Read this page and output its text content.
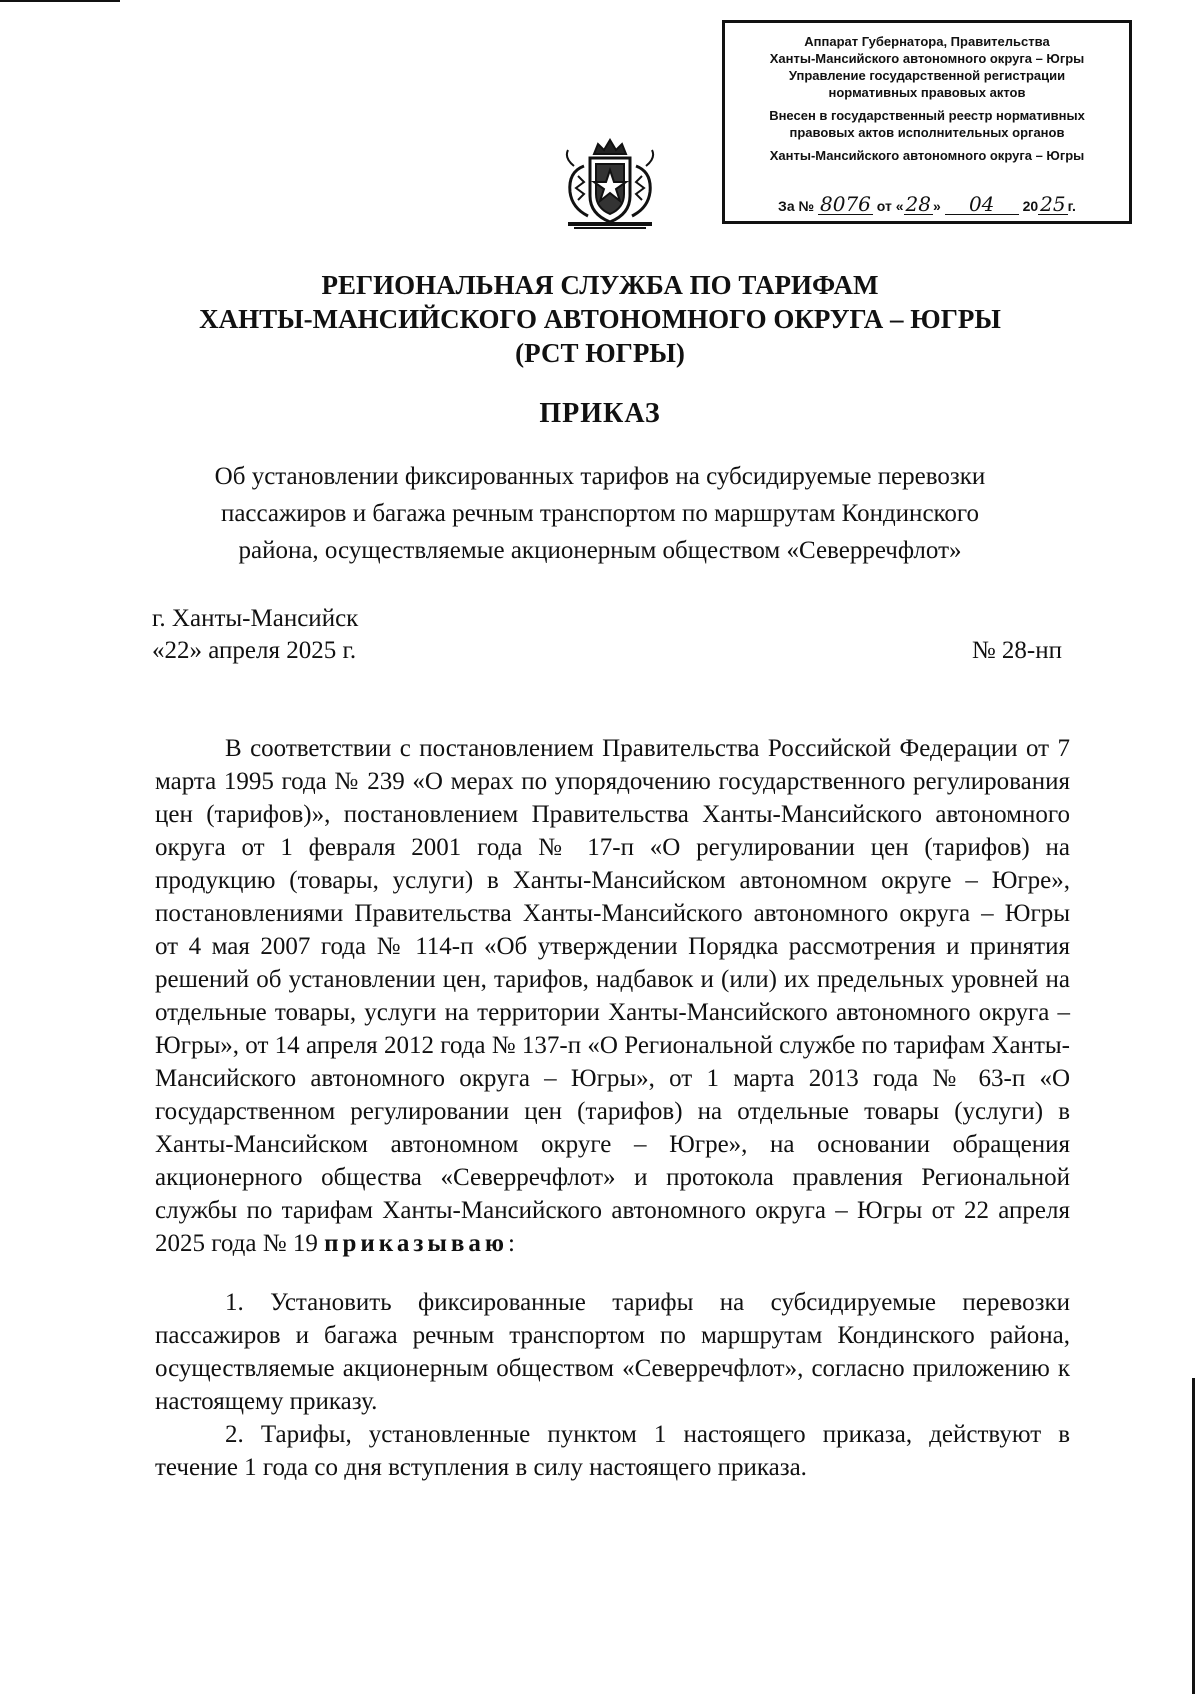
Аппарат Губернатора, Правительства
Ханты-Мансийского автономного округа – Югры
Управление государственной регистрации
нормативных правовых актов
Внесен в государственный реестр нормативных
правовых актов исполнительных органов
Ханты-Мансийского автономного округа – Югры
За № 8076 от « 28 » 04 20 25 г.
РЕГИОНАЛЬНАЯ СЛУЖБА ПО ТАРИФАМ
ХАНТЫ-МАНСИЙСКОГО АВТОНОМНОГО ОКРУГА – ЮГРЫ
(РСТ ЮГРЫ)
ПРИКАЗ
Об установлении фиксированных тарифов на субсидируемые перевозки
пассажиров и багажа речным транспортом по маршрутам Кондинского
района, осуществляемые акционерным обществом «Северречфлот»
г. Ханты-Мансийск
«22» апреля 2025 г.	№ 28-нп

В соответствии с постановлением Правительства Российской Федерации от 7 марта 1995 года № 239 «О мерах по упорядочению государственного регулирования цен (тарифов)», постановлением Правительства Ханты-Мансийского автономного округа от 1 февраля 2001 года № 17-п «О регулировании цен (тарифов) на продукцию (товары, услуги) в Ханты-Мансийском автономном округе – Югре», постановлениями Правительства Ханты-Мансийского автономного округа – Югры от 4 мая 2007 года № 114-п «Об утверждении Порядка рассмотрения и принятия решений об установлении цен, тарифов, надбавок и (или) их предельных уровней на отдельные товары, услуги на территории Ханты-Мансийского автономного округа – Югры», от 14 апреля 2012 года № 137-п «О Региональной службе по тарифам Ханты-Мансийского автономного округа – Югры», от 1 марта 2013 года № 63-п «О государственном регулировании цен (тарифов) на отдельные товары (услуги) в Ханты-Мансийском автономном округе – Югре», на основании обращения акционерного общества «Северречфлот» и протокола правления Региональной службы по тарифам Ханты-Мансийского автономного округа – Югры от 22 апреля 2025 года № 19 приказываю:

1. Установить фиксированные тарифы на субсидируемые перевозки пассажиров и багажа речным транспортом по маршрутам Кондинского района, осуществляемые акционерным обществом «Северречфлот», согласно приложению к настоящему приказу.

2. Тарифы, установленные пунктом 1 настоящего приказа, действуют в течение 1 года со дня вступления в силу настоящего приказа.
